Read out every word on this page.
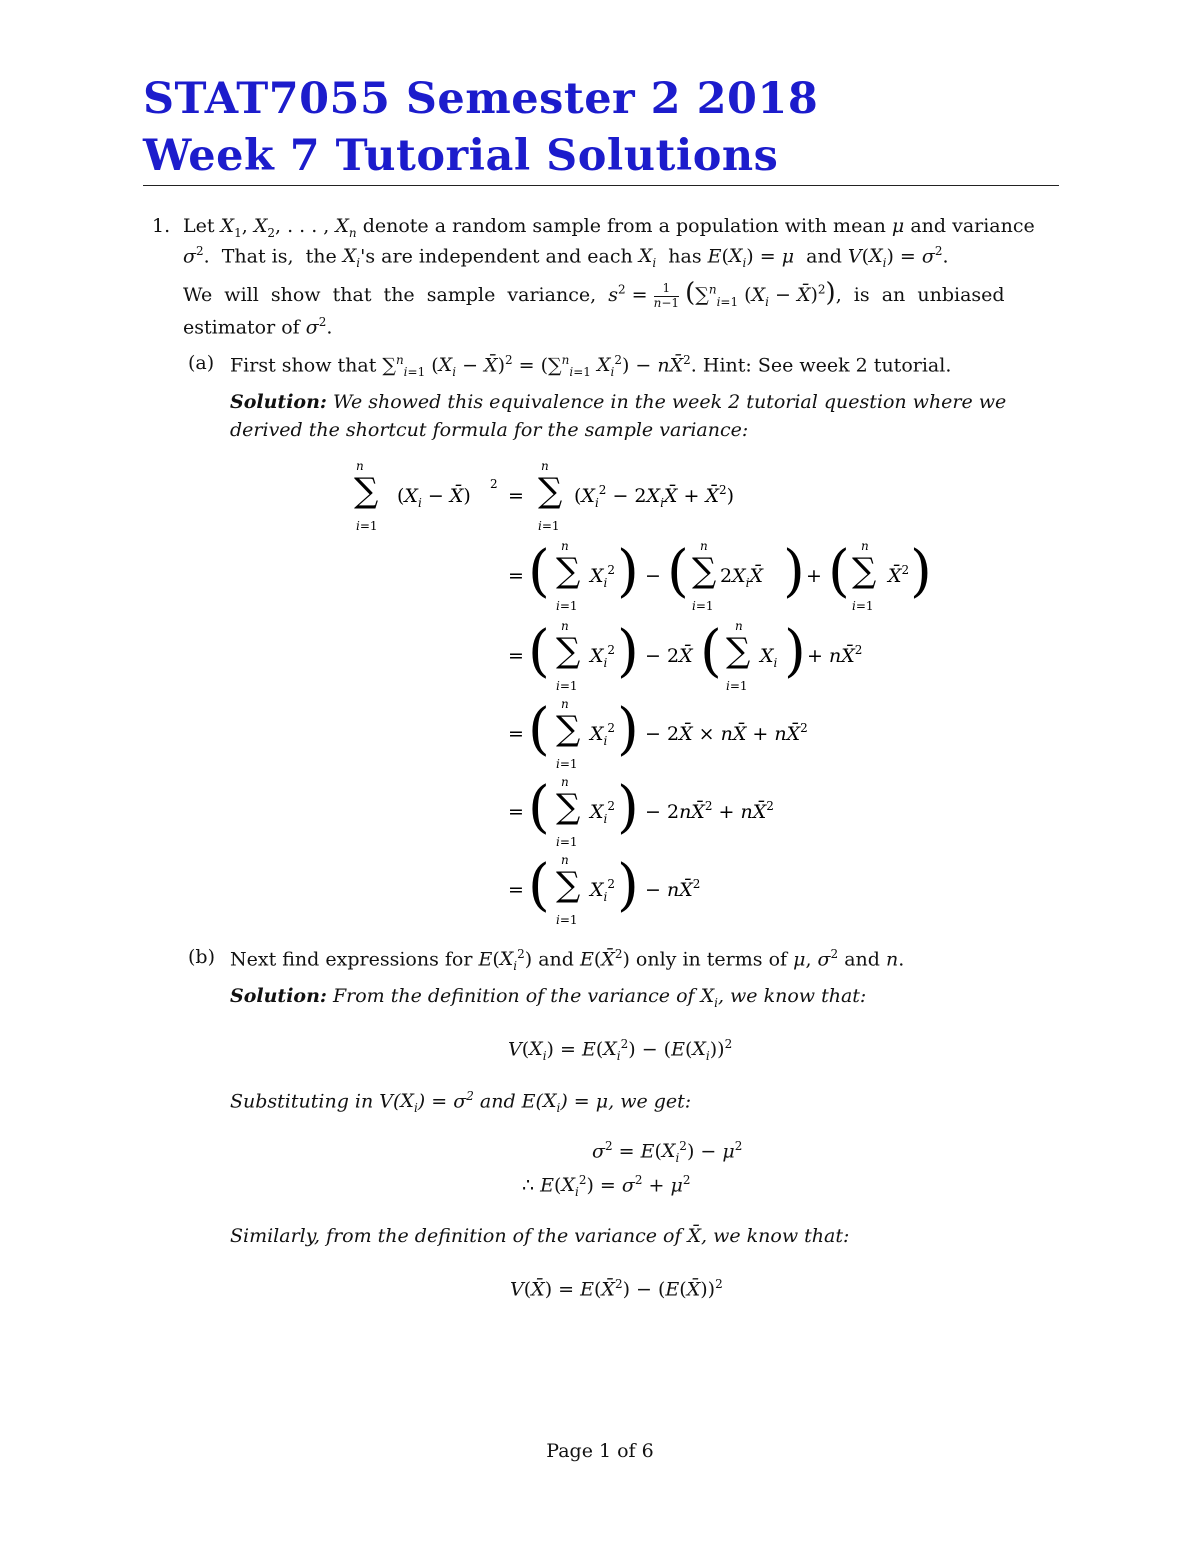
STAT7055 Semester 2 2018
Week 7 Tutorial Solutions
1. Let $X_1$, $X_2$, . . . , $X_n$ denote a random sample from a population with mean μ and variance
$\sigma^2$.  That is,  the $X_i's$ are independent and each $X_i$  has $E(X_i) = \mu$  and $V(X_i) = \sigma^2$.
We  will  show  that  the  sample  variance,  $s^2 = 1$
n−1 (∑$^n_{i=1}$ ($X_i$ − X̄)$^2$),  is  an  unbiased
estimator of $\sigma^2$.
(a) First show that ∑$^n_{i=1}$ ($X_i$ − X̄)$^2$ = (∑$^n_{i=1}$ $X_i^2$) − nX̄$^2$. Hint: See week 2 tutorial.
Solution: We showed this equivalence in the week 2 tutorial question where we
derived the shortcut formula for the sample variance:
n
∑
i=1
($X_i$ − X̄)
2
=
n
∑
i=1
($X_i^2$ − $2X_iX̄$ + X̄$^2$)
= ( n
∑
i=1
$X_i^2$ ) − ( n
∑
i=1
$2X_iX̄$ ) + ( n
∑
i=1
X̄$^2$ )
= ( n
∑
i=1
$X_i^2$ ) − 2X̄ ( n
∑
i=1
$X_i$ ) + nX̄$^2$
= ( n
∑
i=1
$X_i^2$ ) − 2X̄ × nX̄ + nX̄$^2$
= ( n
∑
i=1
$X_i^2$ ) − 2nX̄$^2$ + nX̄$^2$
= ( n
∑
i=1
$X_i^2$ ) − nX̄$^2$
(b) Next find expressions for $E(X_i^2)$ and E(X̄$^2$) only in terms of μ, $\sigma^2$ and n.
Solution: From the definition of the variance of $X_i$, we know that:
$V(X_i) = E(X_i^2) - (E(X_i))^2$
Substituting in $V(X_i) = \sigma^2$ and $E(X_i) = \mu$, we get:
$\sigma^2 = E(X_i^2) - \mu^2$
∴ $E(X_i^2) = \sigma^2 + \mu^2$
Similarly, from the definition of the variance of X̄, we know that:
V(X̄) = E(X̄$^2$) − (E(X̄))$^2$
Page 1 of 6
